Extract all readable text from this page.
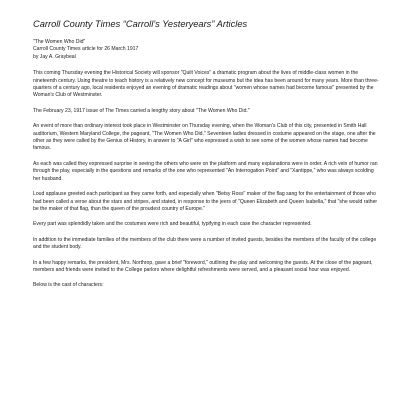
Carroll County Times “Carroll’s Yesteryears” Articles
"The Women Who Did"
Carroll County Times article for 26 March 1917
by Jay A. Graybeal

This coming Thursday evening the Historical Society will sponsor "Quilt Voices" a dramatic program about the lives of middle-class women in the nineteenth century. Using theatre to teach history is a relatively new concept for museums but the idea has been around for many years. More than three-quarters of a century ago, local residents enjoyed an evening of dramatic readings about "women whose names had become famous" presented by the Woman's Club of Westminster.

The February 23, 1917 issue of The Times carried a lengthy story about "The Women Who Did."

An event of more than ordinary interest took place in Westminster on Thursday evening, when the Woman's Club of this city, presented in Smith Hall auditorium, Western Maryland College, the pageant, "The Women Who Did." Seventeen ladies dressed in costume appeared on the stage, one after the other as they were called by the Genius of History, in answer to "A Girl" who expressed a wish to see some of the women whose names had become famous.

As each was called they expressed surprise in seeing the others who were on the platform and many explanations were in order. A rich vein of humor ran through the play, especially in the questions and remarks of the one who represented "An Interrogation Point" and "Xantippe," who was always scolding her husband.

Loud applause greeted each participant as they came forth, and especially when "Betsy Ross" maker of the flag sang for the entertainment of those who had been called a verse about the stars and stripes, and stated, in response to the jeers of "Queen Elizabeth and Queen Isabella," that "she would rather be the maker of that flag, than the queen of the proudest country of Europe."

Every part was splendidly taken and the costumes were rich and beautiful, typifying in each case the character represented.

In addition to the immediate families of the members of the club there were a number of invited guests, besides the members of the faculty of the college and the student body.

In a few happy remarks, the president, Mrs. Northrop, gave a brief "foreword," outlining the play and welcoming the guests. At the close of the pageant, members and friends were invited to the College parlors where delightful refreshments were served, and a pleasant social hour was enjoyed.

Below is the cast of characters:
